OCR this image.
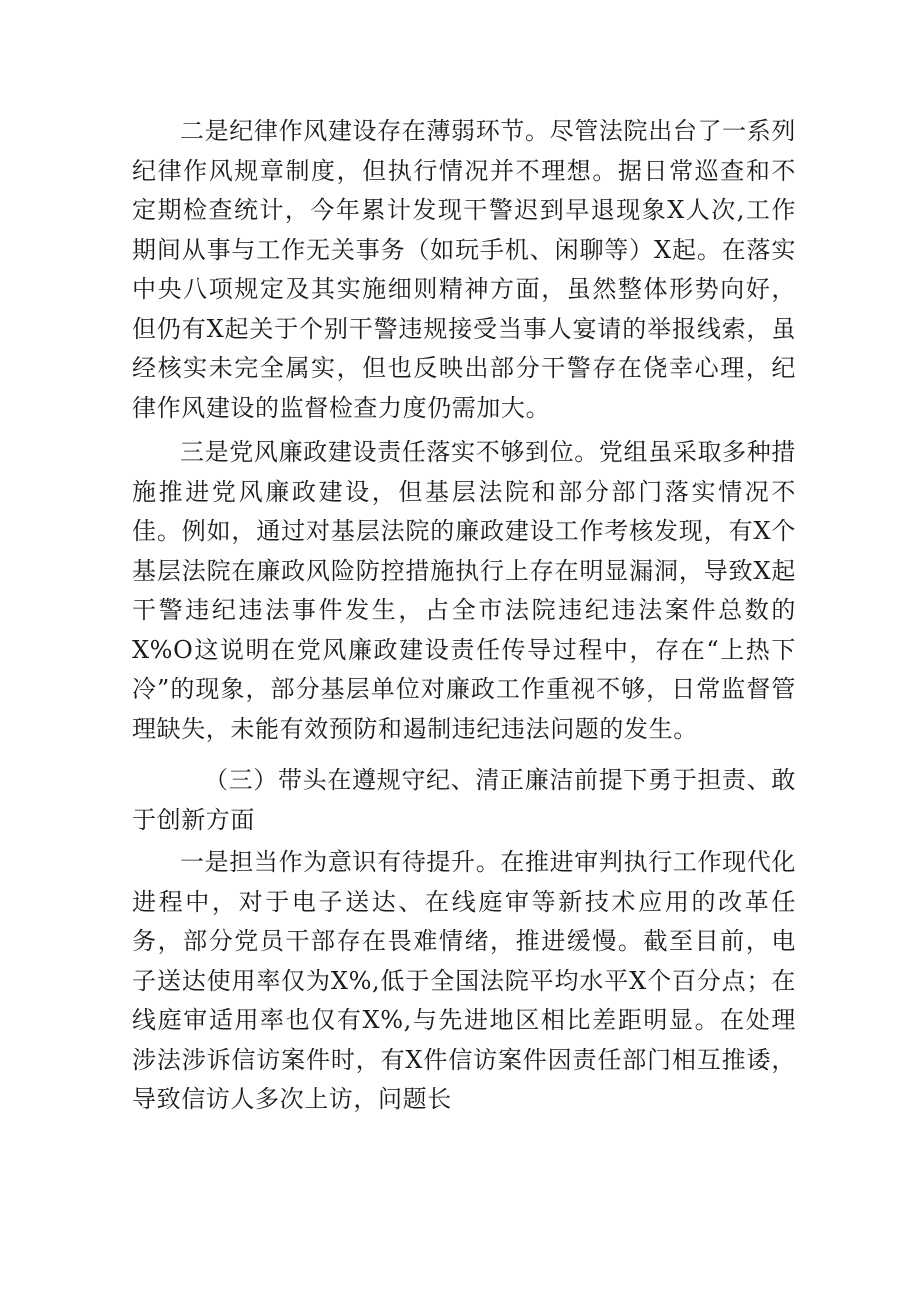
二是纪律作风建设存在薄弱环节。尽管法院出台了一系列纪律作风规章制度，但执行情况并不理想。据日常巡查和不定期检查统计，今年累计发现干警迟到早退现象X人次,工作期间从事与工作无关事务（如玩手机、闲聊等）X起。在落实中央八项规定及其实施细则精神方面，虽然整体形势向好，但仍有X起关于个别干警违规接受当事人宴请的举报线索，虽经核实未完全属实，但也反映出部分干警存在侥幸心理，纪律作风建设的监督检查力度仍需加大。

三是党风廉政建设责任落实不够到位。党组虽采取多种措施推进党风廉政建设，但基层法院和部分部门落实情况不佳。例如，通过对基层法院的廉政建设工作考核发现，有X个基层法院在廉政风险防控措施执行上存在明显漏洞，导致X起干警违纪违法事件发生，占全市法院违纪违法案件总数的X%O这说明在党风廉政建设责任传导过程中，存在“上热下冷”的现象，部分基层单位对廉政工作重视不够，日常监督管理缺失，未能有效预防和遏制违纪违法问题的发生。

（三）带头在遵规守纪、清正廉洁前提下勇于担责、敢于创新方面

一是担当作为意识有待提升。在推进审判执行工作现代化进程中，对于电子送达、在线庭审等新技术应用的改革任务，部分党员干部存在畏难情绪，推进缓慢。截至目前，电子送达使用率仅为X%,低于全国法院平均水平X个百分点；在线庭审适用率也仅有X%,与先进地区相比差距明显。在处理涉法涉诉信访案件时，有X件信访案件因责任部门相互推诿，导致信访人多次上访，问题长
